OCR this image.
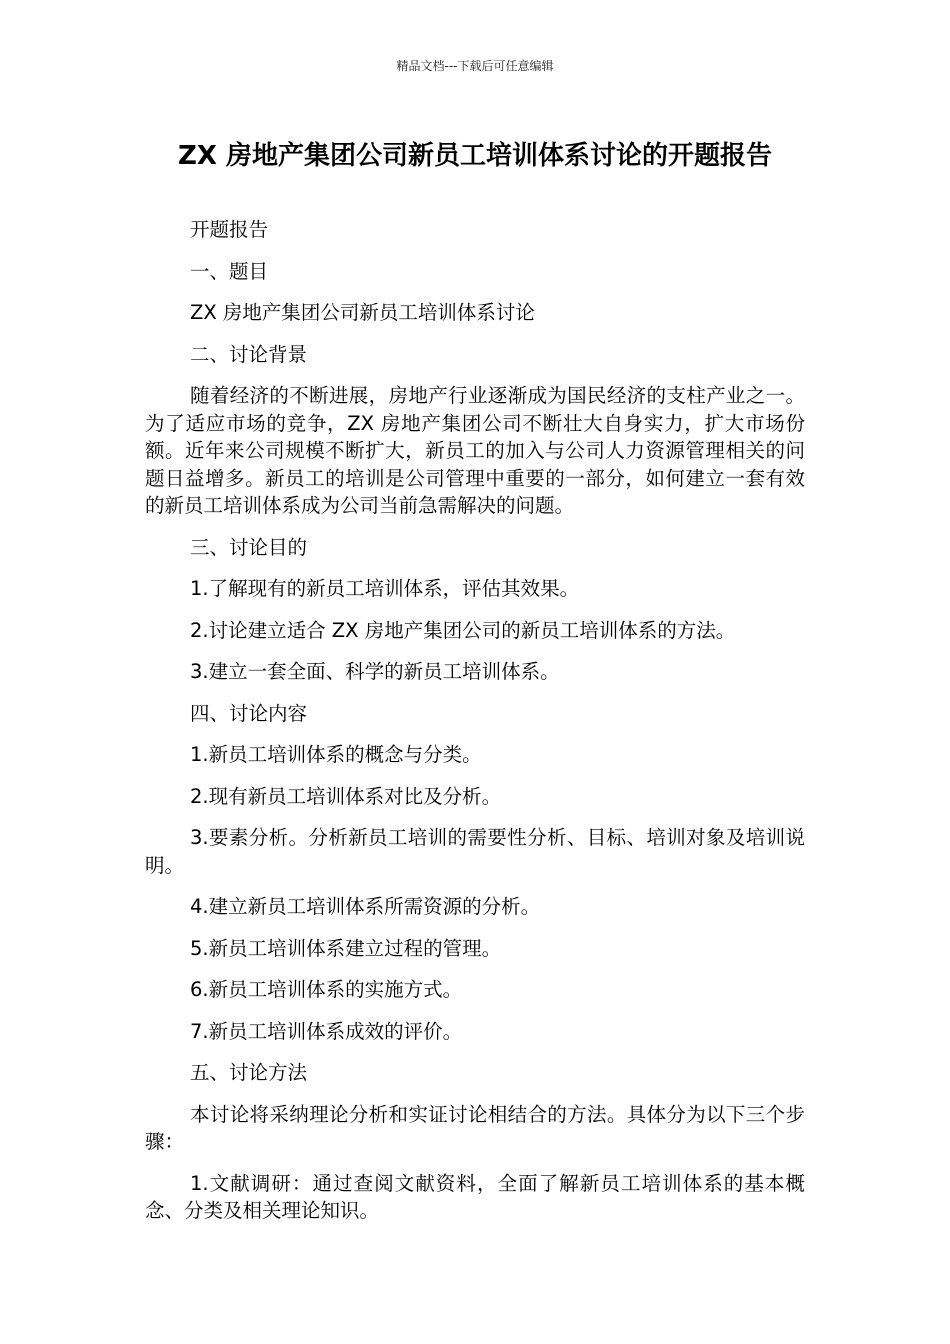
精品文档---下载后可任意编辑
ZX 房地产集团公司新员工培训体系讨论的开题报告

开题报告

一、题目

ZX 房地产集团公司新员工培训体系讨论

二、讨论背景

随着经济的不断进展，房地产行业逐渐成为国民经济的支柱产业之一。为了适应市场的竞争，ZX 房地产集团公司不断壮大自身实力，扩大市场份额。近年来公司规模不断扩大，新员工的加入与公司人力资源管理相关的问题日益增多。新员工的培训是公司管理中重要的一部分，如何建立一套有效的新员工培训体系成为公司当前急需解决的问题。

三、讨论目的

1.了解现有的新员工培训体系，评估其效果。

2.讨论建立适合 ZX 房地产集团公司的新员工培训体系的方法。

3.建立一套全面、科学的新员工培训体系。

四、讨论内容

1.新员工培训体系的概念与分类。

2.现有新员工培训体系对比及分析。

3.要素分析。分析新员工培训的需要性分析、目标、培训对象及培训说明。

4.建立新员工培训体系所需资源的分析。

5.新员工培训体系建立过程的管理。

6.新员工培训体系的实施方式。

7.新员工培训体系成效的评价。

五、讨论方法

本讨论将采纳理论分析和实证讨论相结合的方法。具体分为以下三个步骤：

1.文献调研：通过查阅文献资料，全面了解新员工培训体系的基本概念、分类及相关理论知识。
